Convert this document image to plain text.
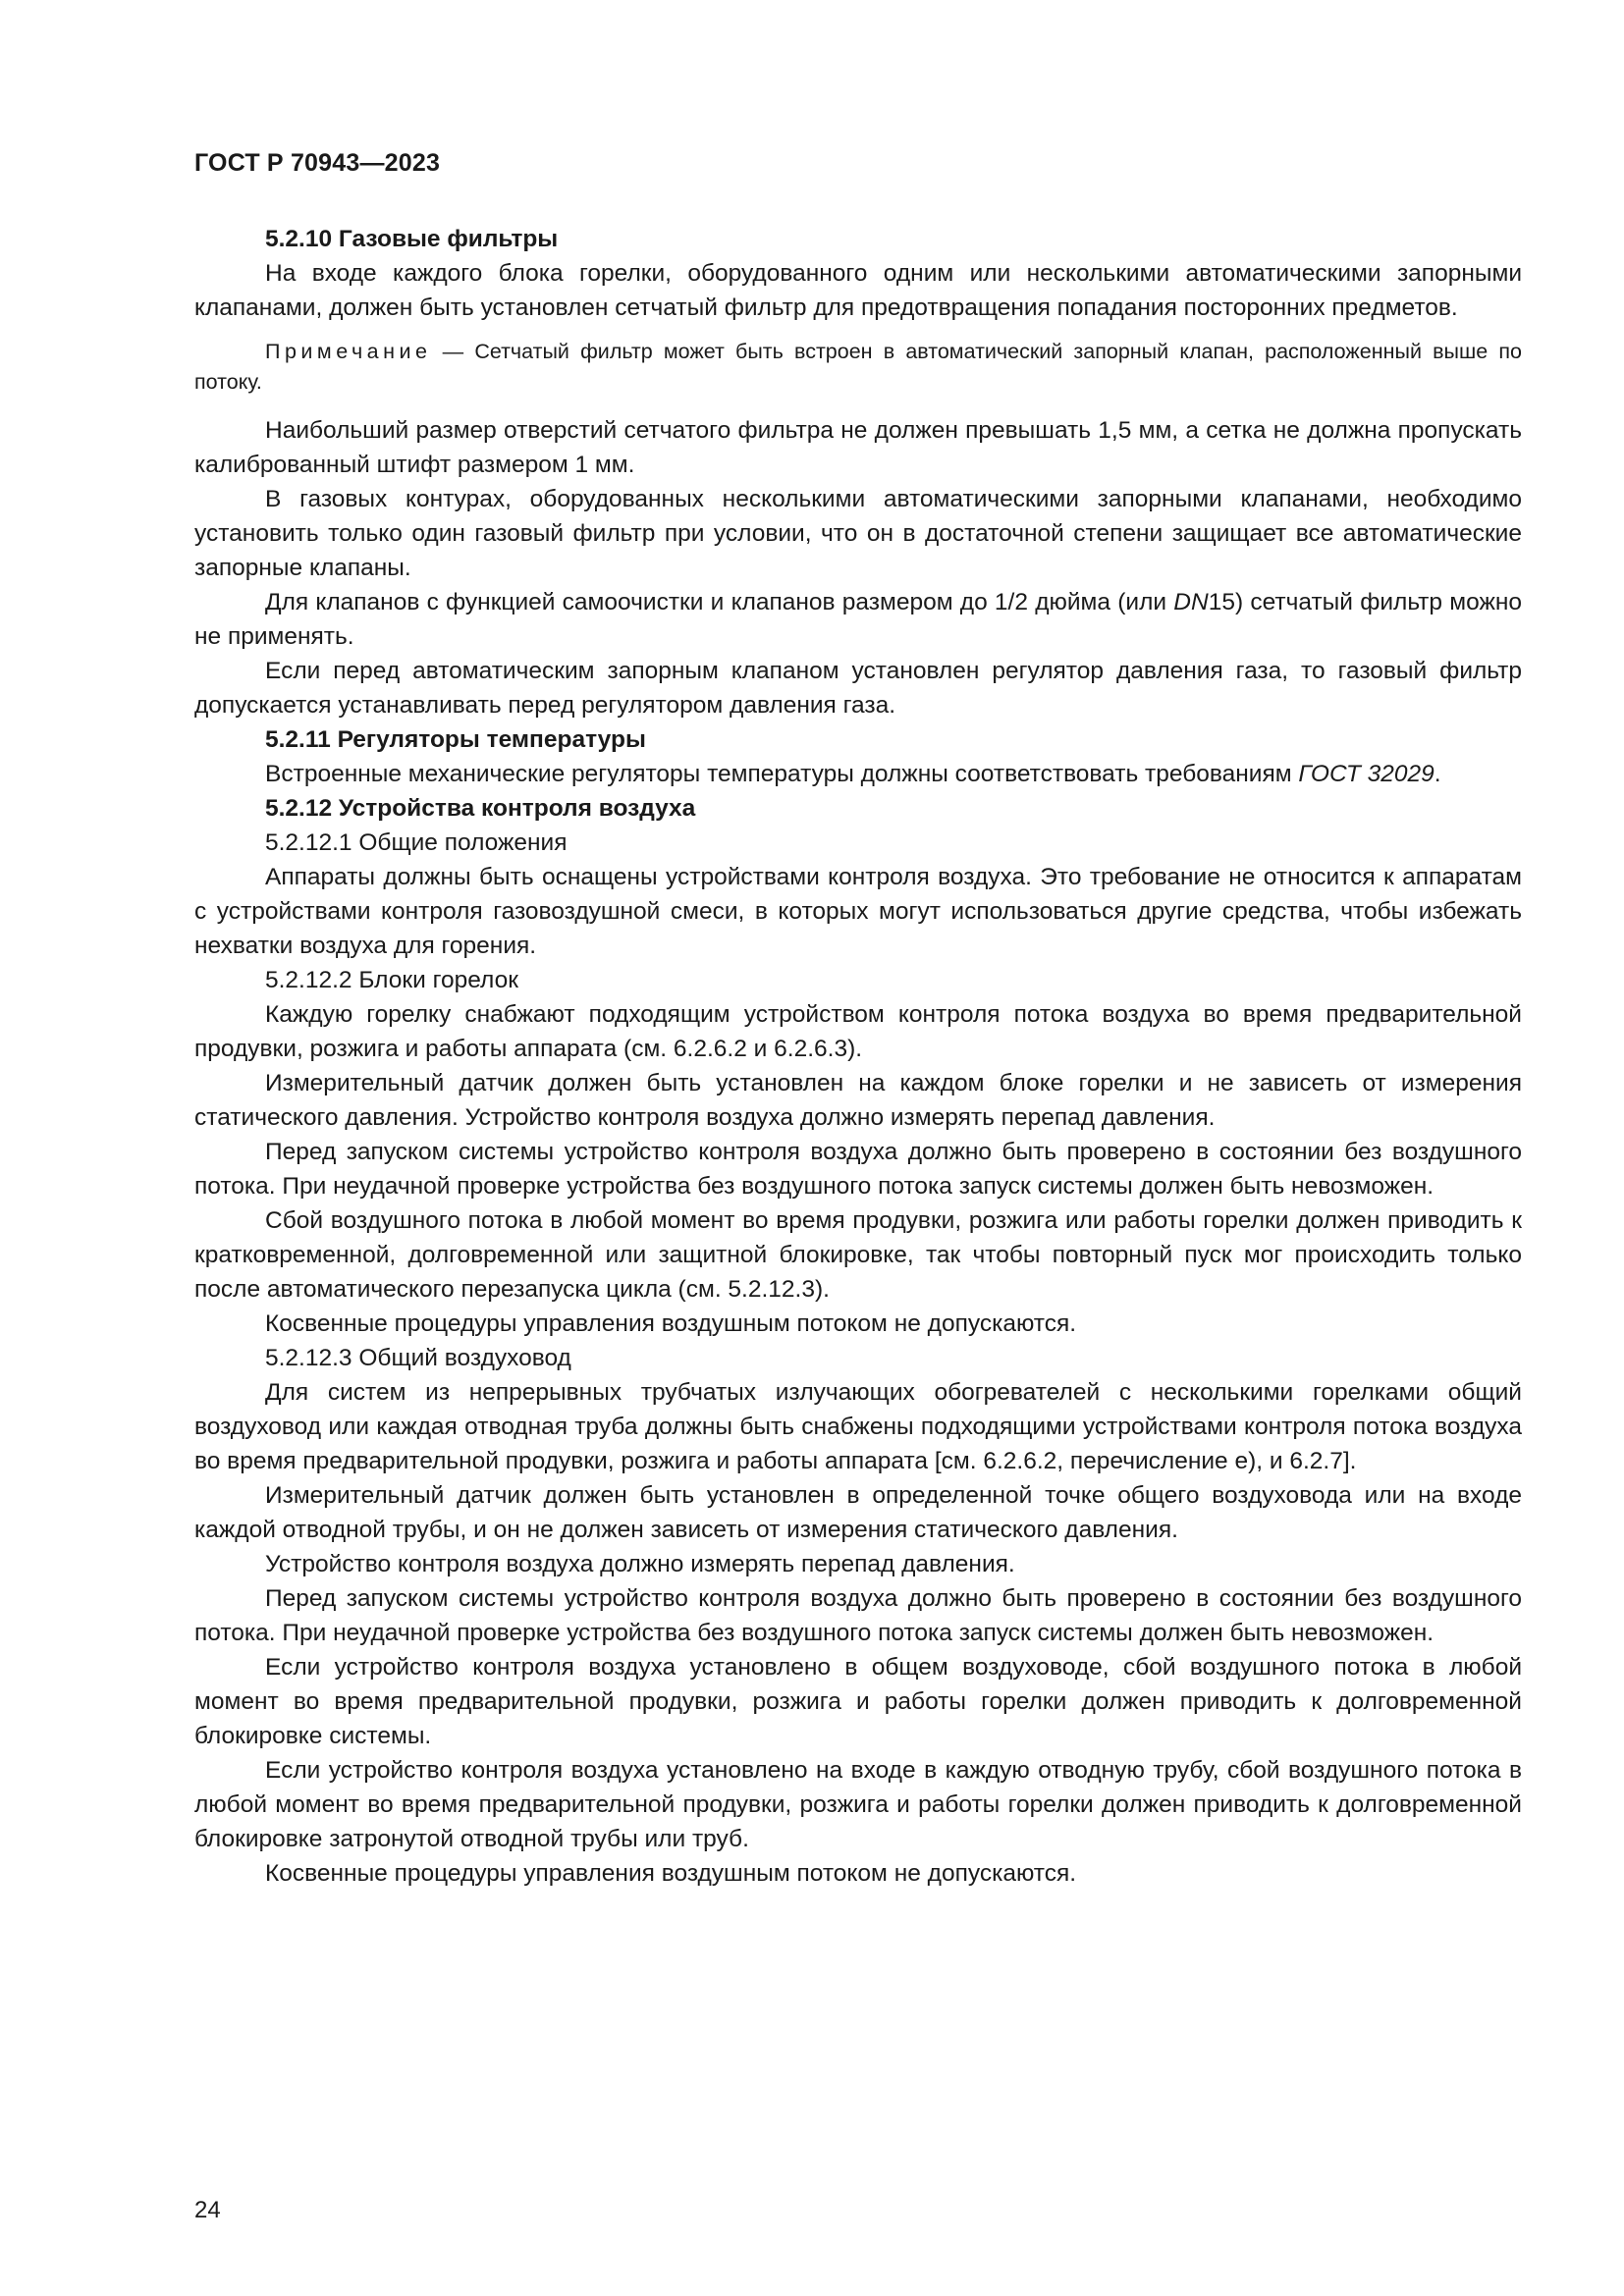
ГОСТ Р 70943—2023

5.2.10 Газовые фильтры

На входе каждого блока горелки, оборудованного одним или несколькими автоматическими запорными клапанами, должен быть установлен сетчатый фильтр для предотвращения попадания посторонних предметов.

Примечание — Сетчатый фильтр может быть встроен в автоматический запорный клапан, расположенный выше по потоку.

Наибольший размер отверстий сетчатого фильтра не должен превышать 1,5 мм, а сетка не должна пропускать калиброванный штифт размером 1 мм.

В газовых контурах, оборудованных несколькими автоматическими запорными клапанами, необходимо установить только один газовый фильтр при условии, что он в достаточной степени защищает все автоматические запорные клапаны.

Для клапанов с функцией самоочистки и клапанов размером до 1/2 дюйма (или DN15) сетчатый фильтр можно не применять.

Если перед автоматическим запорным клапаном установлен регулятор давления газа, то газовый фильтр допускается устанавливать перед регулятором давления газа.

5.2.11 Регуляторы температуры

Встроенные механические регуляторы температуры должны соответствовать требованиям ГОСТ 32029.

5.2.12 Устройства контроля воздуха

5.2.12.1 Общие положения

Аппараты должны быть оснащены устройствами контроля воздуха. Это требование не относится к аппаратам с устройствами контроля газовоздушной смеси, в которых могут использоваться другие средства, чтобы избежать нехватки воздуха для горения.

5.2.12.2 Блоки горелок

Каждую горелку снабжают подходящим устройством контроля потока воздуха во время предварительной продувки, розжига и работы аппарата (см. 6.2.6.2 и 6.2.6.3).

Измерительный датчик должен быть установлен на каждом блоке горелки и не зависеть от измерения статического давления. Устройство контроля воздуха должно измерять перепад давления.

Перед запуском системы устройство контроля воздуха должно быть проверено в состоянии без воздушного потока. При неудачной проверке устройства без воздушного потока запуск системы должен быть невозможен.

Сбой воздушного потока в любой момент во время продувки, розжига или работы горелки должен приводить к кратковременной, долговременной или защитной блокировке, так чтобы повторный пуск мог происходить только после автоматического перезапуска цикла (см. 5.2.12.3).

Косвенные процедуры управления воздушным потоком не допускаются.

5.2.12.3 Общий воздуховод

Для систем из непрерывных трубчатых излучающих обогревателей с несколькими горелками общий воздуховод или каждая отводная труба должны быть снабжены подходящими устройствами контроля потока воздуха во время предварительной продувки, розжига и работы аппарата [см. 6.2.6.2, перечисление е), и 6.2.7].

Измерительный датчик должен быть установлен в определенной точке общего воздуховода или на входе каждой отводной трубы, и он не должен зависеть от измерения статического давления.

Устройство контроля воздуха должно измерять перепад давления.

Перед запуском системы устройство контроля воздуха должно быть проверено в состоянии без воздушного потока. При неудачной проверке устройства без воздушного потока запуск системы должен быть невозможен.

Если устройство контроля воздуха установлено в общем воздуховоде, сбой воздушного потока в любой момент во время предварительной продувки, розжига и работы горелки должен приводить к долговременной блокировке системы.

Если устройство контроля воздуха установлено на входе в каждую отводную трубу, сбой воздушного потока в любой момент во время предварительной продувки, розжига и работы горелки должен приводить к долговременной блокировке затронутой отводной трубы или труб.

Косвенные процедуры управления воздушным потоком не допускаются.

24
